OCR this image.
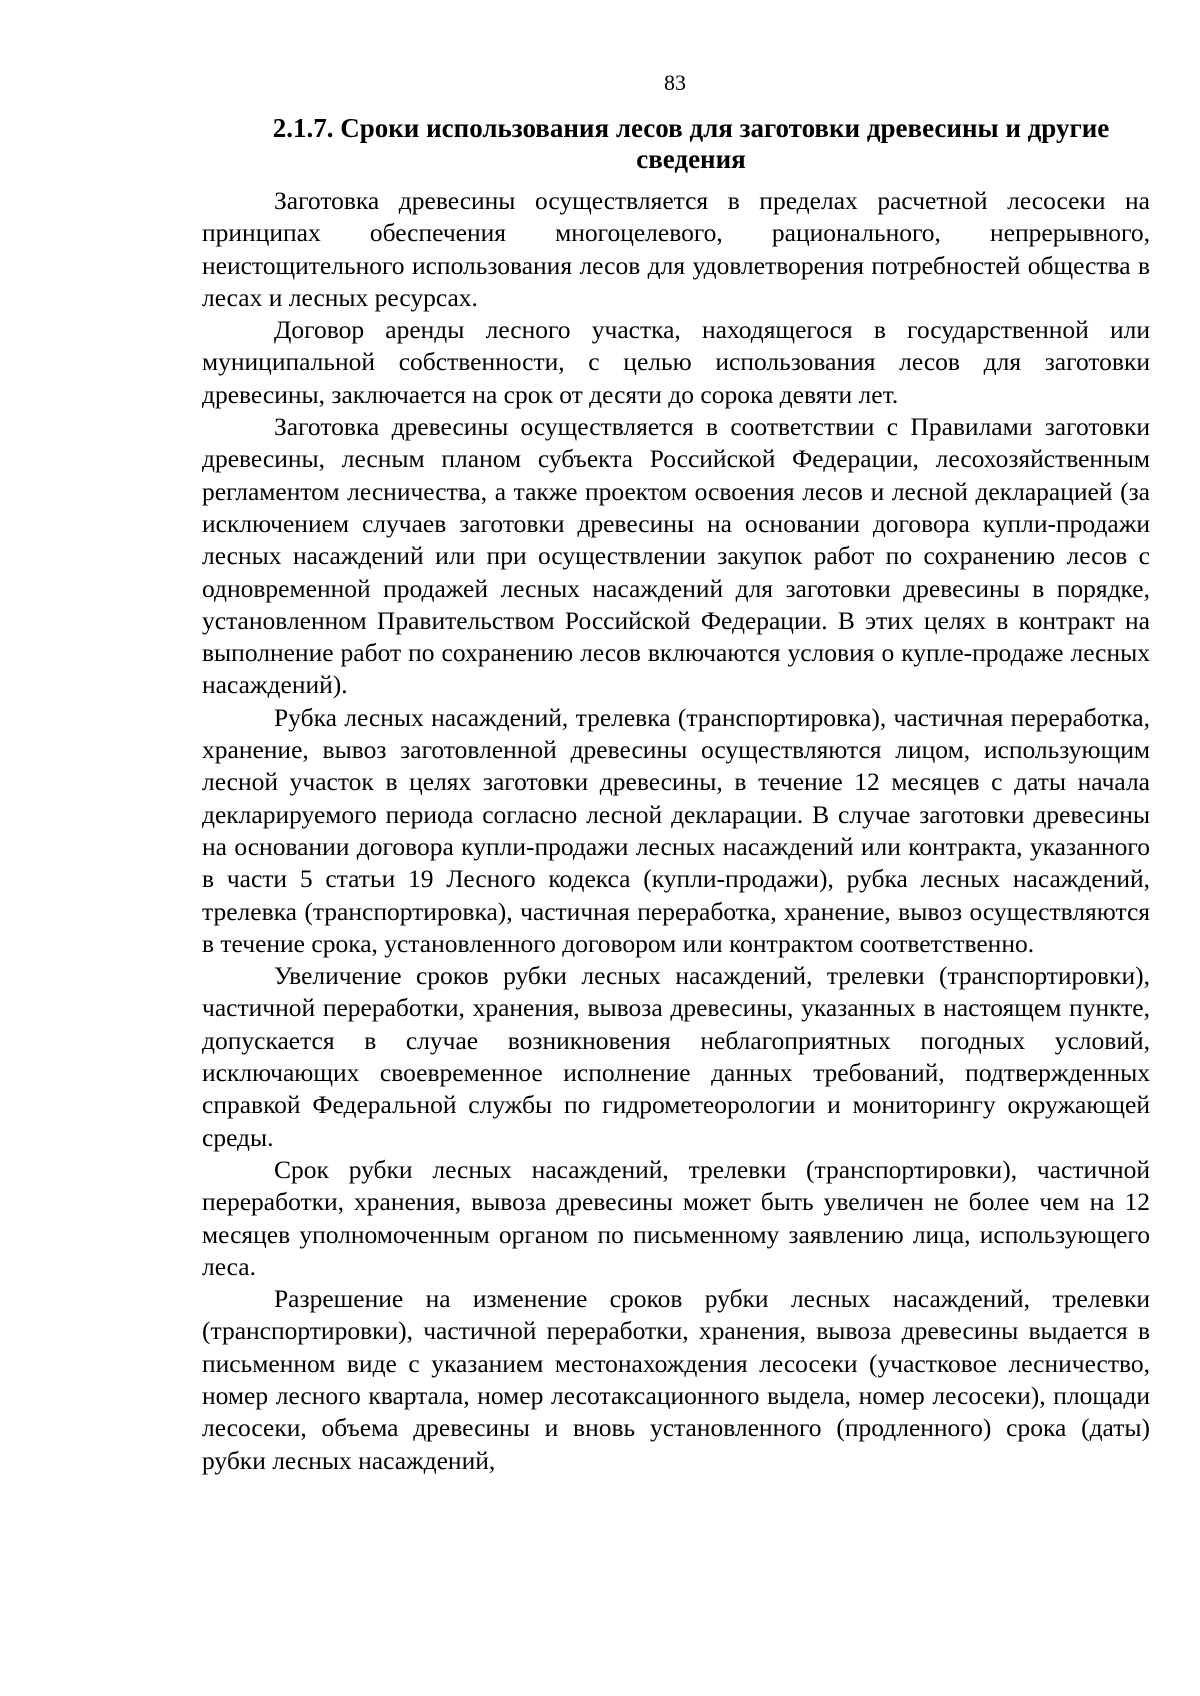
83
2.1.7. Сроки использования лесов для заготовки древесины и другие сведения

Заготовка древесины осуществляется в пределах расчетной лесосеки на принципах обеспечения многоцелевого, рационального, непрерывного, неистощительного использования лесов для удовлетворения потребностей общества в лесах и лесных ресурсах.

Договор аренды лесного участка, находящегося в государственной или муниципальной собственности, с целью использования лесов для заготовки древесины, заключается на срок от десяти до сорока девяти лет.

Заготовка древесины осуществляется в соответствии с Правилами заготовки древесины, лесным планом субъекта Российской Федерации, лесохозяйственным регламентом лесничества, а также проектом освоения лесов и лесной декларацией (за исключением случаев заготовки древесины на основании договора купли-продажи лесных насаждений или при осуществлении закупок работ по сохранению лесов с одновременной продажей лесных насаждений для заготовки древесины в порядке, установленном Правительством Российской Федерации. В этих целях в контракт на выполнение работ по сохранению лесов включаются условия о купле-продаже лесных насаждений).

Рубка лесных насаждений, трелевка (транспортировка), частичная переработка, хранение, вывоз заготовленной древесины осуществляются лицом, использующим лесной участок в целях заготовки древесины, в течение 12 месяцев с даты начала декларируемого периода согласно лесной декларации. В случае заготовки древесины на основании договора купли-продажи лесных насаждений или контракта, указанного в части 5 статьи 19 Лесного кодекса (купли-продажи), рубка лесных насаждений, трелевка (транспортировка), частичная переработка, хранение, вывоз осуществляются в течение срока, установленного договором или контрактом соответственно.

Увеличение сроков рубки лесных насаждений, трелевки (транспортировки), частичной переработки, хранения, вывоза древесины, указанных в настоящем пункте, допускается в случае возникновения неблагоприятных погодных условий, исключающих своевременное исполнение данных требований, подтвержденных справкой Федеральной службы по гидрометеорологии и мониторингу окружающей среды.

Срок рубки лесных насаждений, трелевки (транспортировки), частичной переработки, хранения, вывоза древесины может быть увеличен не более чем на 12 месяцев уполномоченным органом по письменному заявлению лица, использующего леса.

Разрешение на изменение сроков рубки лесных насаждений, трелевки (транспортировки), частичной переработки, хранения, вывоза древесины выдается в письменном виде с указанием местонахождения лесосеки (участковое лесничество, номер лесного квартала, номер лесотаксационного выдела, номер лесосеки), площади лесосеки, объема древесины и вновь установленного (продленного) срока (даты) рубки лесных насаждений,
